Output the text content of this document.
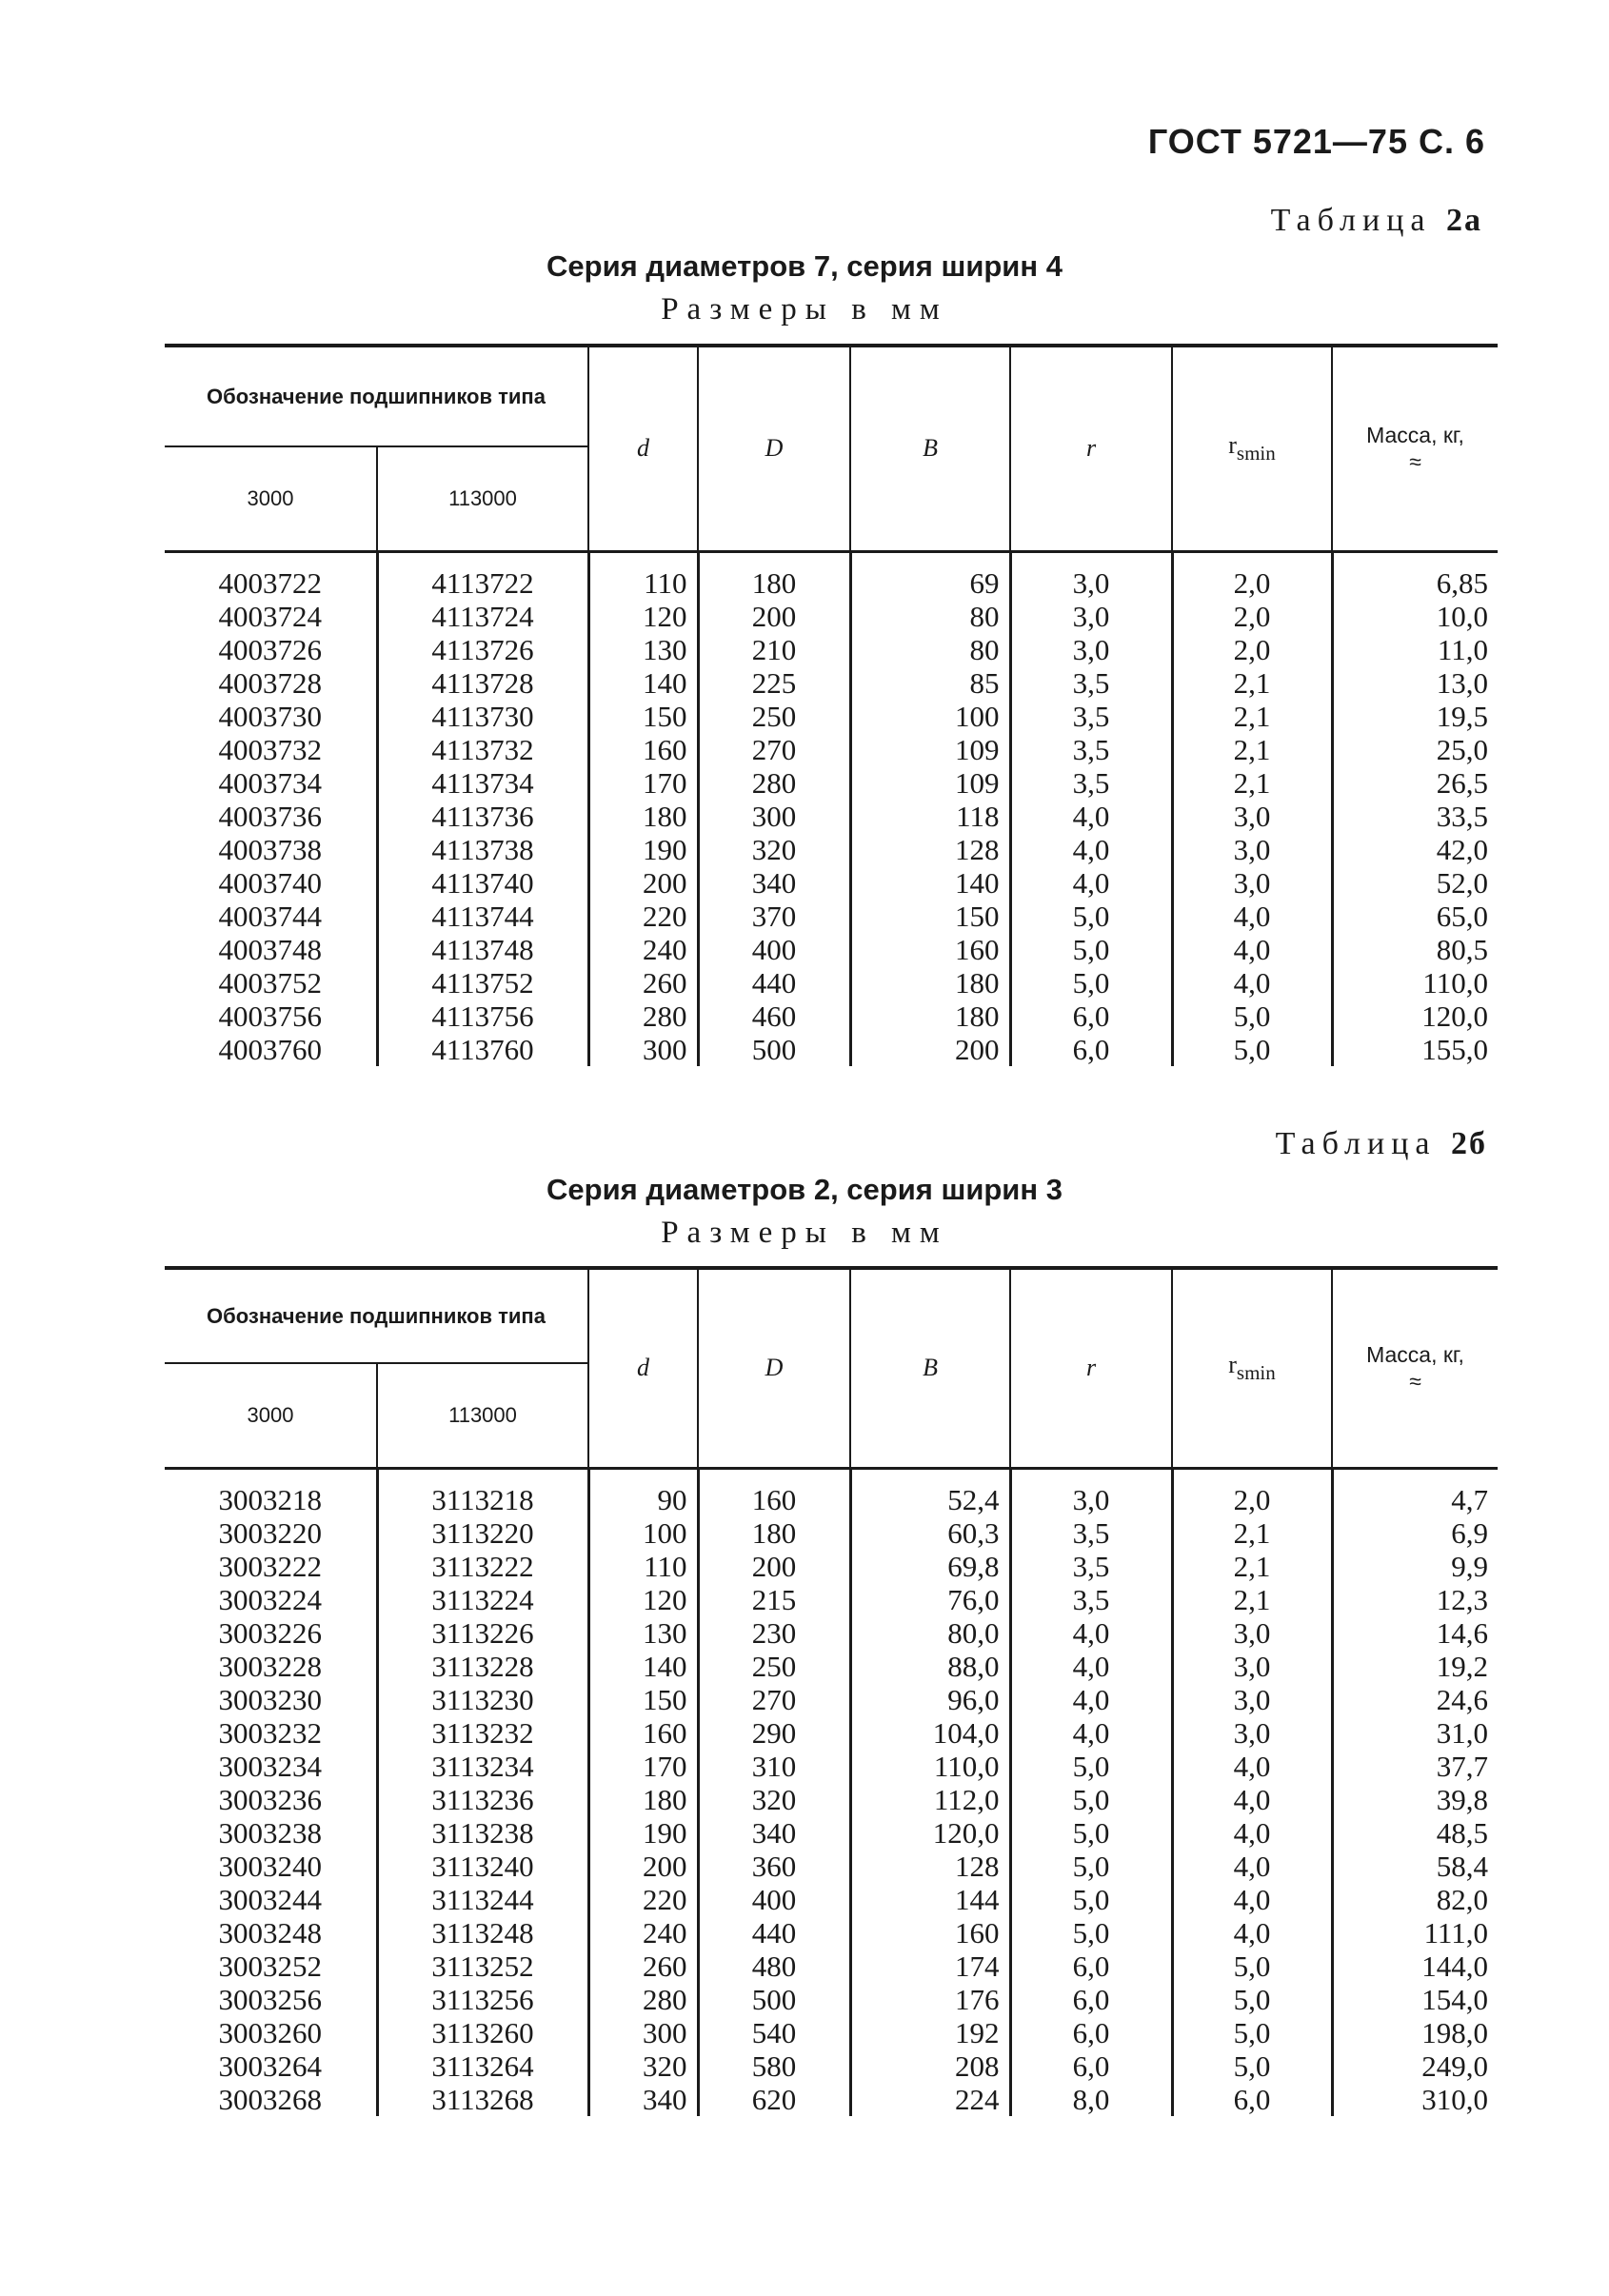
ГОСТ 5721—75 С. 6
Таблица 2а
Серия диаметров 7, серия ширин 4
Размеры в мм
Обозначение подшипников типа		d	D	B	r	$r_{smin}$	Масса, кг,
≈
3000	113000						

4003722	4113722	110	180	69	3,0	2,0	6,85
4003724	4113724	120	200	80	3,0	2,0	10,0
4003726	4113726	130	210	80	3,0	2,0	11,0
4003728	4113728	140	225	85	3,5	2,1	13,0
4003730	4113730	150	250	100	3,5	2,1	19,5
4003732	4113732	160	270	109	3,5	2,1	25,0
4003734	4113734	170	280	109	3,5	2,1	26,5
4003736	4113736	180	300	118	4,0	3,0	33,5
4003738	4113738	190	320	128	4,0	3,0	42,0
4003740	4113740	200	340	140	4,0	3,0	52,0
4003744	4113744	220	370	150	5,0	4,0	65,0
4003748	4113748	240	400	160	5,0	4,0	80,5
4003752	4113752	260	440	180	5,0	4,0	110,0
4003756	4113756	280	460	180	6,0	5,0	120,0
4003760	4113760	300	500	200	6,0	5,0	155,0
Таблица 2б
Серия диаметров 2, серия ширин 3
Размеры в мм
Обозначение подшипников типа		d	D	B	r	$r_{smin}$	Масса, кг,
≈
3000	113000						

3003218	3113218	90	160	52,4	3,0	2,0	4,7
3003220	3113220	100	180	60,3	3,5	2,1	6,9
3003222	3113222	110	200	69,8	3,5	2,1	9,9
3003224	3113224	120	215	76,0	3,5	2,1	12,3
3003226	3113226	130	230	80,0	4,0	3,0	14,6
3003228	3113228	140	250	88,0	4,0	3,0	19,2
3003230	3113230	150	270	96,0	4,0	3,0	24,6
3003232	3113232	160	290	104,0	4,0	3,0	31,0
3003234	3113234	170	310	110,0	5,0	4,0	37,7
3003236	3113236	180	320	112,0	5,0	4,0	39,8
3003238	3113238	190	340	120,0	5,0	4,0	48,5
3003240	3113240	200	360	128	5,0	4,0	58,4
3003244	3113244	220	400	144	5,0	4,0	82,0
3003248	3113248	240	440	160	5,0	4,0	111,0
3003252	3113252	260	480	174	6,0	5,0	144,0
3003256	3113256	280	500	176	6,0	5,0	154,0
3003260	3113260	300	540	192	6,0	5,0	198,0
3003264	3113264	320	580	208	6,0	5,0	249,0
3003268	3113268	340	620	224	8,0	6,0	310,0
